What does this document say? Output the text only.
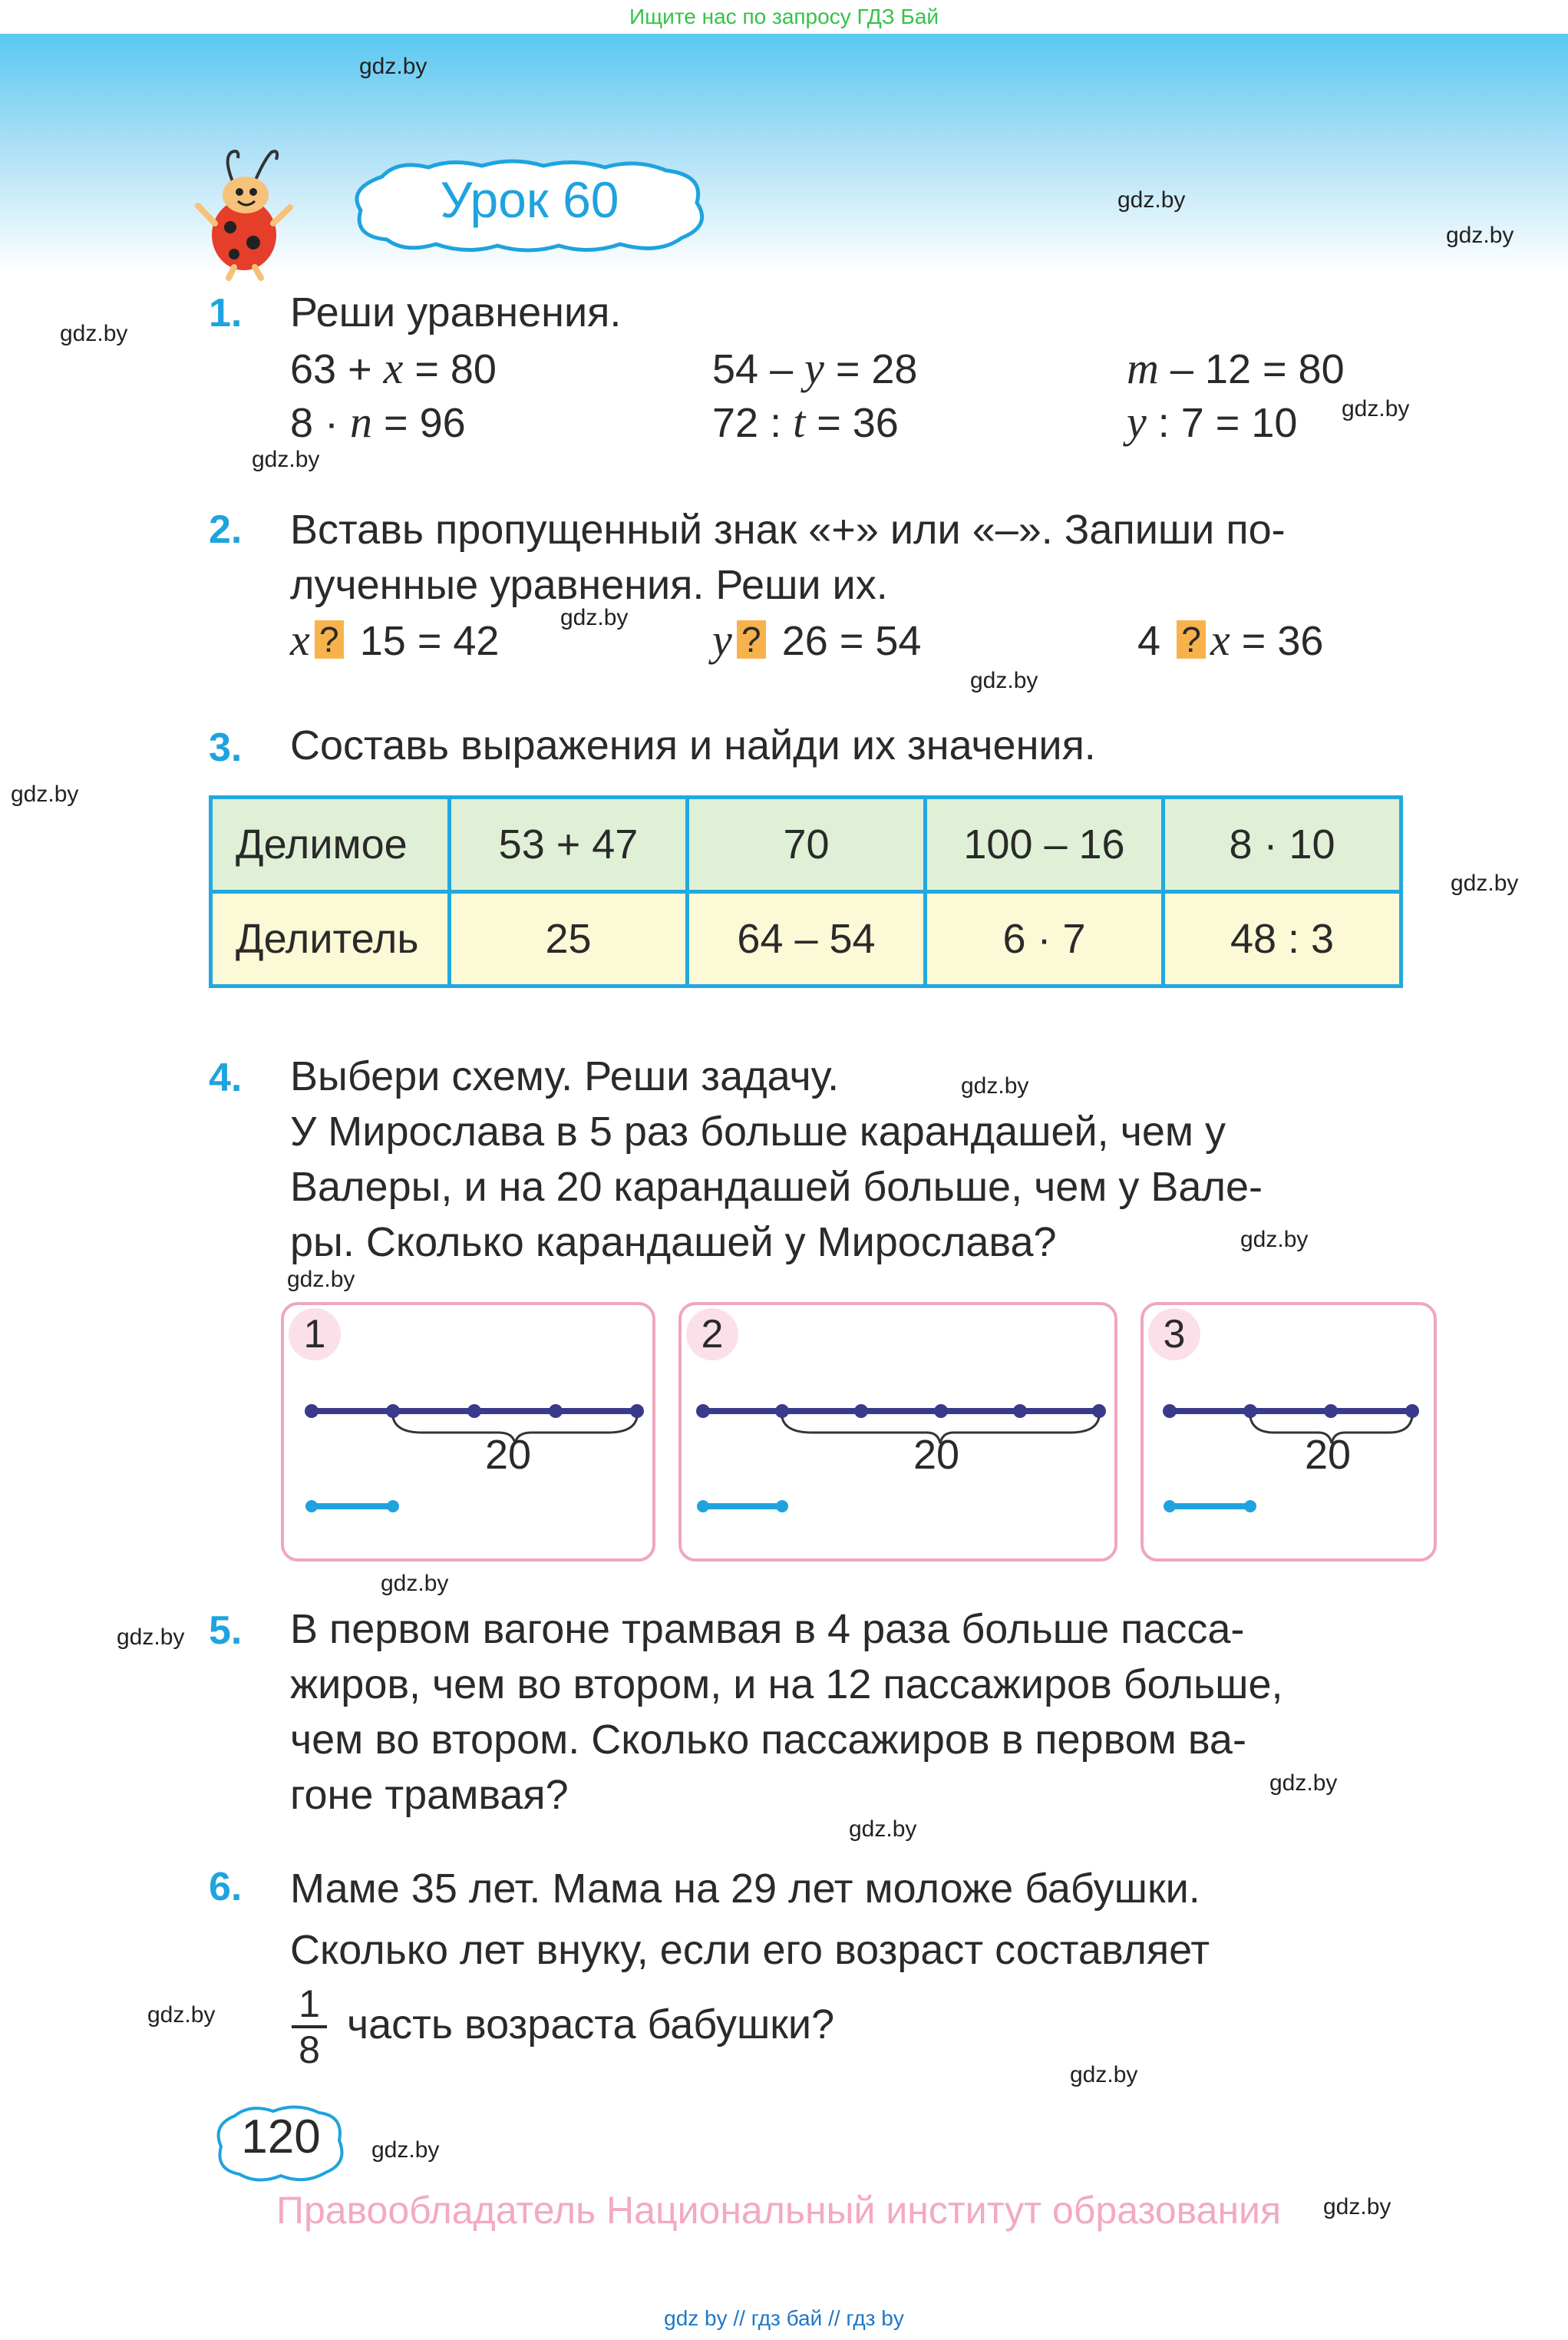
Ищите нас по запросу ГДЗ Бай
gdz.by
gdz.by
gdz.by
gdz.by
gdz.by
gdz.by
gdz.by
gdz.by
gdz.by
gdz.by
gdz.by
gdz.by
gdz.by
gdz.by
gdz.by
gdz.by
gdz.by
gdz.by
gdz.by
gdz.by
gdz.by
Урок 60
1. Реши уравнения.
63 + x = 80	54 – y = 28	m – 12 = 80
8 · n = 96	72 : t = 36	y : 7 = 10
2. Вставь пропущенный знак «+» или «–». Запиши по-
лученные уравнения. Реши их.
x ? 15 = 42	y ? 26 = 54	4 ? x = 36
3. Составь выражения и найди их значения.
Делимое	53 + 47	70	100 – 16	8 · 10
Делитель	25	64 – 54	6 · 7	48 : 3
4. Выбери схему. Реши задачу.
У Мирослава в 5 раз больше карандашей, чем у
Валеры, и на 20 карандашей больше, чем у Вале-
ры. Сколько карандашей у Мирослава?
1
20
2
20
3
20
5. В первом вагоне трамвая в 4 раза больше пасса-
жиров, чем во втором, и на 12 пассажиров больше,
чем во втором. Сколько пассажиров в первом ва-
гоне трамвая?
6. Маме 35 лет. Мама на 29 лет моложе бабушки.
Сколько лет внуку, если его возраст составляет
1
8
часть возраста бабушки?
120
Правообладатель Национальный институт образования
gdz by // гдз бай // гдз by
